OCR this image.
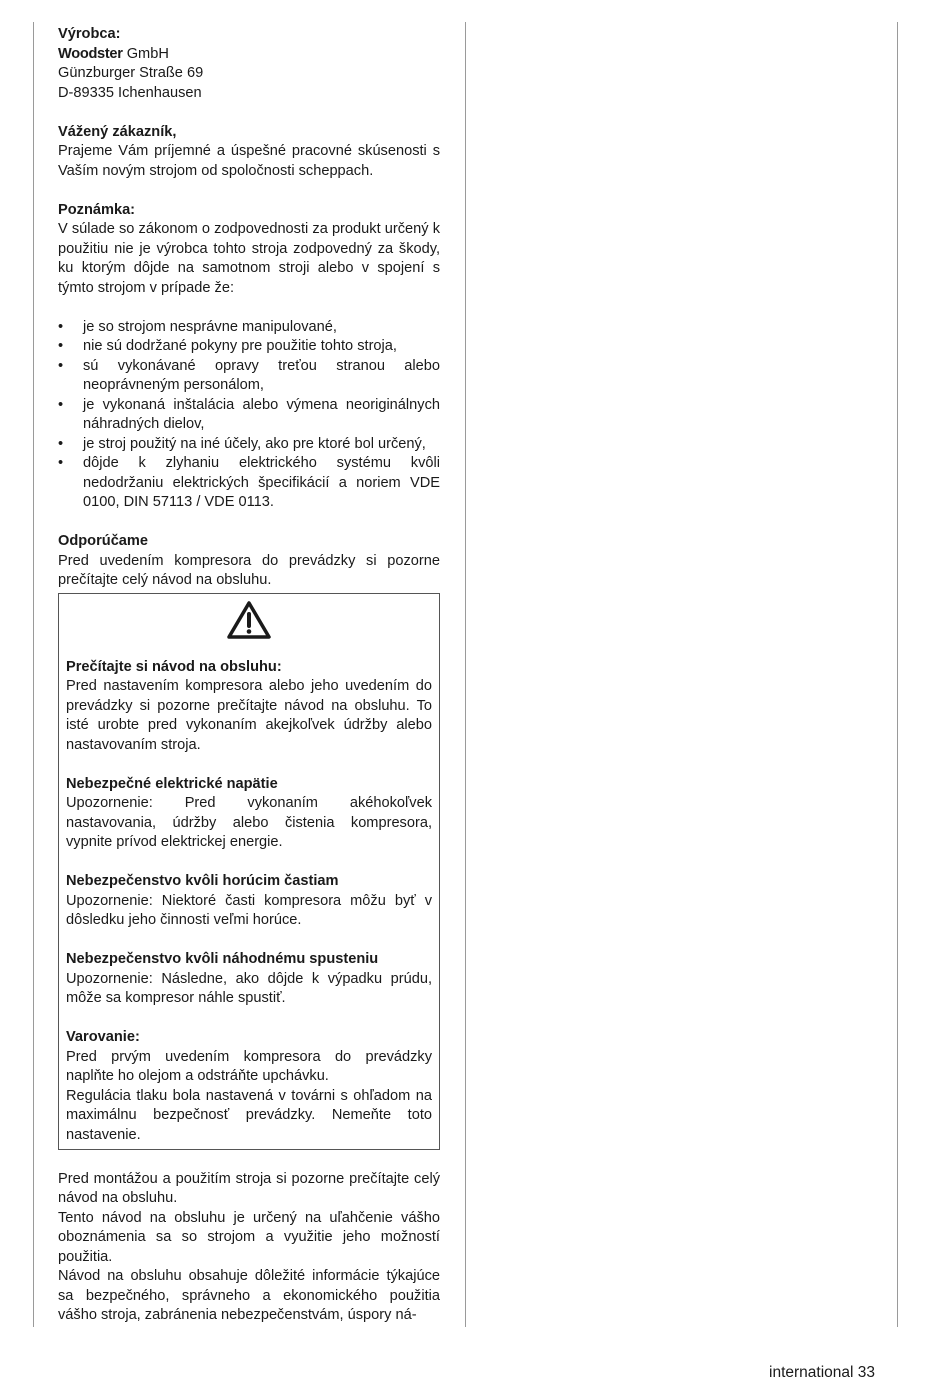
Výrobca:

Woodster GmbH

Günzburger Straße 69

D-89335 Ichenhausen

Vážený zákazník,

Prajeme Vám príjemné a úspešné pracovné skúsenosti s Vaším novým strojom od spoločnosti scheppach.

Poznámka:

V súlade so zákonom o zodpovednosti za produkt určený k použitiu nie je výrobca tohto stroja zodpovedný za škody, ku ktorým dôjde na samotnom stroji alebo v spojení s týmto strojom v prípade že:

• je so strojom nesprávne manipulované,
• nie sú dodržané pokyny pre použitie tohto stroja,
• sú vykonávané opravy treťou stranou alebo neoprávneným personálom,
• je vykonaná inštalácia alebo výmena neoriginálnych náhradných dielov,
• je stroj použitý na iné účely, ako pre ktoré bol určený,
• dôjde k zlyhaniu elektrického systému kvôli nedodržaniu elektrických špecifikácií a noriem VDE 0100, DIN 57113 / VDE 0113.

Odporúčame

Pred uvedením kompresora do prevádzky si pozorne prečítajte celý návod na obsluhu.

Prečítajte si návod na obsluhu:

Pred nastavením kompresora alebo jeho uvedením do prevádzky si pozorne prečítajte návod na obsluhu. To isté urobte pred vykonaním akejkoľvek údržby alebo nastavovaním stroja.

Nebezpečné elektrické napätie

Upozornenie: Pred vykonaním akéhokoľvek nastavovania, údržby alebo čistenia kompresora, vypnite prívod elektrickej energie.

Nebezpečenstvo kvôli horúcim častiam

Upozornenie: Niektoré časti kompresora môžu byť v dôsledku jeho činnosti veľmi horúce.

Nebezpečenstvo kvôli náhodnému spusteniu

Upozornenie: Následne, ako dôjde k výpadku prúdu, môže sa kompresor náhle spustiť.

Varovanie:

Pred prvým uvedením kompresora do prevádzky naplňte ho olejom a odstráňte upchávku.

Regulácia tlaku bola nastavená v továrni s ohľadom na maximálnu bezpečnosť prevádzky. Nemeňte toto nastavenie.

Pred montážou a použitím stroja si pozorne prečítajte celý návod na obsluhu.

Tento návod na obsluhu je určený na uľahčenie vášho oboznámenia sa so strojom a využitie jeho možností použitia.

Návod na obsluhu obsahuje dôležité informácie týkajúce sa bezpečného, správneho a ekonomického použitia vášho stroja, zabránenia nebezpečenstvám, úspory ná-

international 33
